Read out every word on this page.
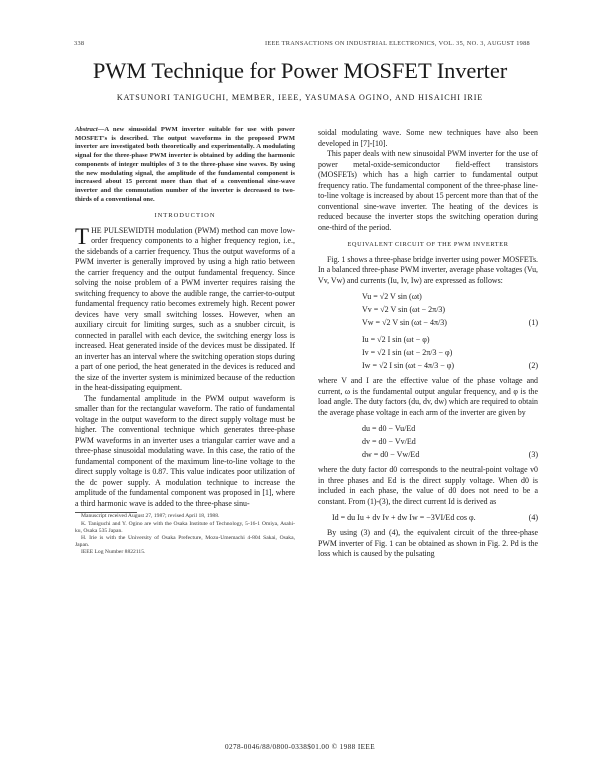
338	IEEE TRANSACTIONS ON INDUSTRIAL ELECTRONICS, VOL. 35, NO. 3, AUGUST 1988
PWM Technique for Power MOSFET Inverter
KATSUNORI TANIGUCHI, MEMBER, IEEE, YASUMASA OGINO, AND HISAICHI IRIE
Abstract—A new sinusoidal PWM inverter suitable for use with power MOSFET's is described. The output waveforms in the proposed PWM inverter are investigated both theoretically and experimentally. A modulating signal for the three-phase PWM inverter is obtained by adding the harmonic components of integer multiples of 3 to the three-phase sine waves. By using the new modulating signal, the amplitude of the fundamental component is increased about 15 percent more than that of a conventional sine-wave inverter and the commutation number of the inverter is decreased to two-thirds of a conventional one.
INTRODUCTION

THE PULSEWIDTH modulation (PWM) method can move low-order frequency components to a higher frequency region, i.e., the sidebands of a carrier frequency. Thus the output waveforms of a PWM inverter is generally improved by using a high ratio between the carrier frequency and the output fundamental frequency. Since solving the noise problem of a PWM inverter requires raising the switching frequency to above the audible range, the carrier-to-output fundamental frequency ratio becomes extremely high. Recent power devices have very small switching losses. However, when an auxiliary circuit for limiting surges, such as a snubber circuit, is connected in parallel with each device, the switching energy loss is increased. Heat generated inside of the devices must be dissipated. If an inverter has an interval where the switching operation stops during a part of one period, the heat generated in the devices is reduced and the size of the inverter system is minimized because of the reduction in the heat-dissipating equipment.

The fundamental amplitude in the PWM output waveform is smaller than for the rectangular waveform. The ratio of fundamental voltage in the output waveform to the direct supply voltage must be higher. The conventional technique which generates three-phase PWM waveforms in an inverter uses a triangular carrier wave and a three-phase sinusoidal modulating wave. In this case, the ratio of the fundamental component of the maximum line-to-line voltage to the direct supply voltage is 0.87. This value indicates poor utilization of the dc power supply. A modulation technique to increase the amplitude of the fundamental component was proposed in [1], where a third harmonic wave is added to the three-phase sinu-

Manuscript received August 27, 1987; revised April 18, 1988.

K. Taniguchi and Y. Ogino are with the Osaka Institute of Technology, 5-16-1 Omiya, Asahi-ku, Osaka 535 Japan.

H. Irie is with the University of Osaka Prefecture, Mozu-Umemachi 4-804 Sakai, Osaka, Japan.

IEEE Log Number 8822115.

soidal modulating wave. Some new techniques have also been developed in [7]-[10].

This paper deals with new sinusoidal PWM inverter for the use of power metal-oxide-semiconductor field-effect transistors (MOSFETs) which has a high carrier to fundamental output frequency ratio. The fundamental component of the three-phase line-to-line voltage is increased by about 15 percent more than that of the conventional sine-wave inverter. The heating of the devices is reduced because the inverter stops the switching operation during one-third of the period.

EQUIVALENT CIRCUIT OF THE PWM INVERTER

Fig. 1 shows a three-phase bridge inverter using power MOSFETs. In a balanced three-phase PWM inverter, average phase voltages (Vu, Vv, Vw) and currents (Iu, Iv, Iw) are expressed as follows:

Vu = √2 V sin (ωt)
Vv = √2 V sin (ωt − 2π/3)
Vw = √2 V sin (ωt − 4π/3)	(1)
Iu = √2 I sin (ωt − φ)
Iv = √2 I sin (ωt − 2π/3 − φ)
Iw = √2 I sin (ωt − 4π/3 − φ)	(2)

where V and I are the effective value of the phase voltage and current, ω is the fundamental output angular frequency, and φ is the load angle. The duty factors (du, dv, dw) which are required to obtain the average phase voltage in each arm of the inverter are given by

du = d0 − Vu/Ed
dv = d0 − Vv/Ed
dw = d0 − Vw/Ed	(3)

where the duty factor d0 corresponds to the neutral-point voltage v0 in three phases and Ed is the direct supply voltage. When d0 is included in each phase, the value of d0 does not need to be a constant. From (1)-(3), the direct current Id is derived as

Id = du Iu + dv Iv + dw Iw = −3VI/Ed cos φ.	(4)

By using (3) and (4), the equivalent circuit of the three-phase PWM inverter of Fig. 1 can be obtained as shown in Fig. 2. Pd is the loss which is caused by the pulsating

0278-0046/88/0800-0338$01.00 © 1988 IEEE
